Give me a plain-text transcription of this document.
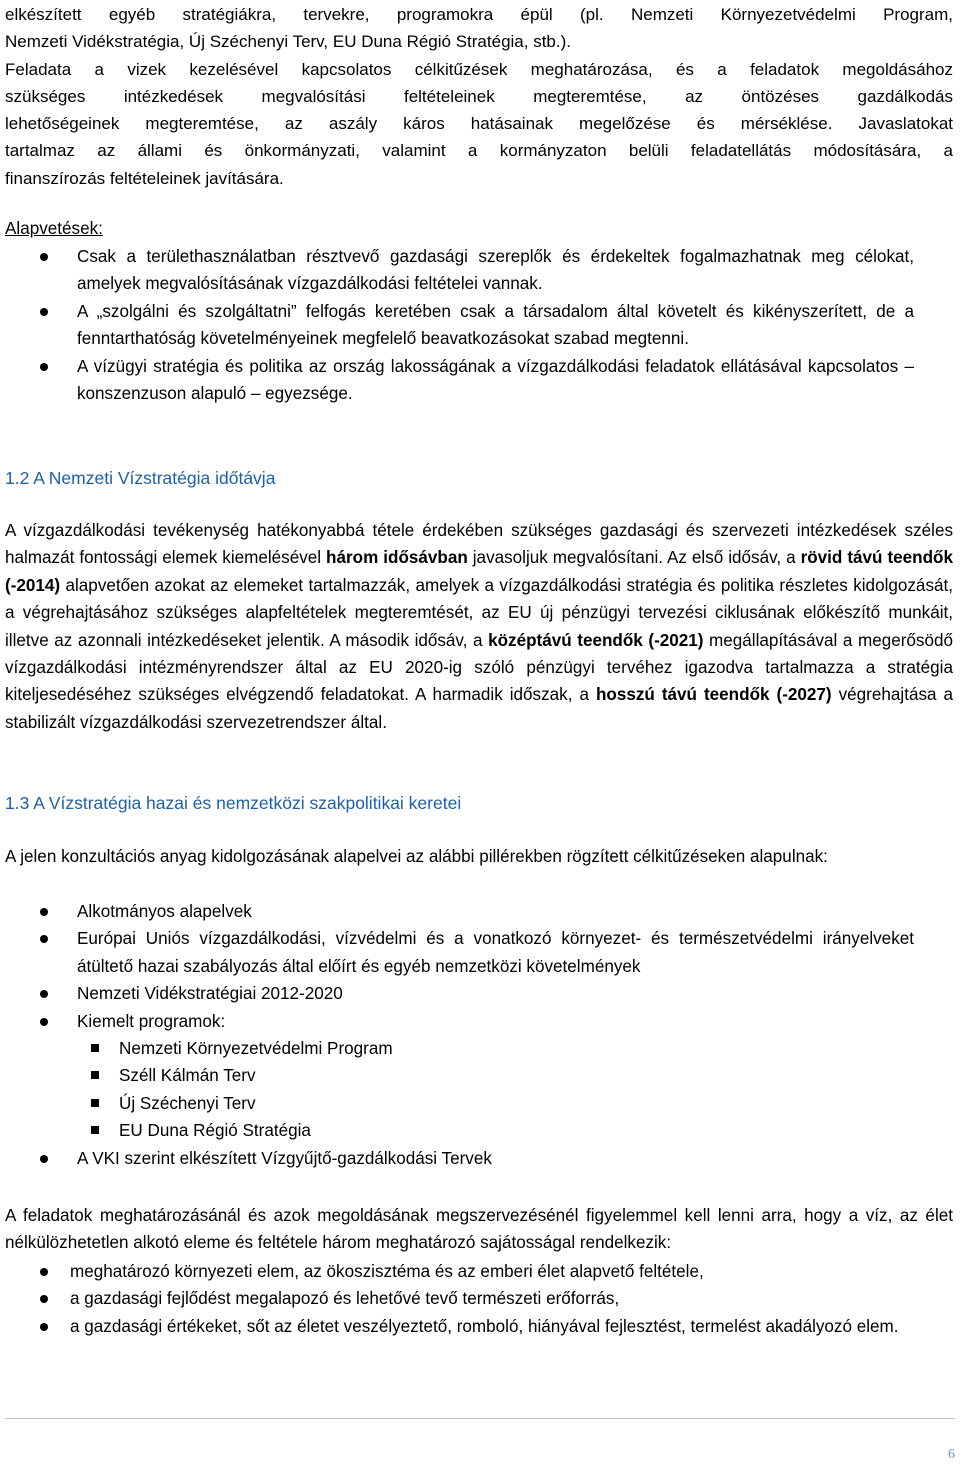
elkészített egyéb stratégiákra, tervekre, programokra épül (pl. Nemzeti Környezetvédelmi Program,
Nemzeti Vidékstratégia, Új Széchenyi Terv, EU Duna Régió Stratégia, stb.).
Feladata a vizek kezelésével kapcsolatos célkitűzések meghatározása, és a feladatok megoldásához
szükséges intézkedések megvalósítási feltételeinek megteremtése, az öntözéses gazdálkodás
lehetőségeinek megteremtése, az aszály káros hatásainak megelőzése és mérséklése. Javaslatokat
tartalmaz az állami és önkormányzati, valamint a kormányzaton belüli feladatellátás módosítására, a
finanszírozás feltételeinek javítására.

Alapvetések:

Csak a területhasználatban résztvevő gazdasági szereplők és érdekeltek fogalmazhatnak meg célokat, amelyek megvalósításának vízgazdálkodási feltételei vannak.
A „szolgálni és szolgáltatni” felfogás keretében csak a társadalom által követelt és kikényszerített, de a fenntarthatóság követelményeinek megfelelő beavatkozásokat szabad megtenni.
A vízügyi stratégia és politika az ország lakosságának a vízgazdálkodási feladatok ellátásával kapcsolatos – konszenzuson alapuló – egyezsége.
1.2 A Nemzeti Vízstratégia időtávja

A vízgazdálkodási tevékenység hatékonyabbá tétele érdekében szükséges gazdasági és szervezeti intézkedések széles halmazát fontossági elemek kiemelésével három idősávban javasoljuk megvalósítani. Az első idősáv, a rövid távú teendők (-2014) alapvetően azokat az elemeket tartalmazzák, amelyek a vízgazdálkodási stratégia és politika részletes kidolgozását, a végrehajtásához szükséges alapfeltételek megteremtését, az EU új pénzügyi tervezési ciklusának előkészítő munkáit, illetve az azonnali intézkedéseket jelentik. A második idősáv, a középtávú teendők (-2021) megállapításával a megerősödő vízgazdálkodási intézményrendszer által az EU 2020-ig szóló pénzügyi tervéhez igazodva tartalmazza a stratégia kiteljesedéséhez szükséges elvégzendő feladatokat. A harmadik időszak, a hosszú távú teendők (-2027) végrehajtása a stabilizált vízgazdálkodási szervezetrendszer által.

1.3 A Vízstratégia hazai és nemzetközi szakpolitikai keretei

A jelen konzultációs anyag kidolgozásának alapelvei az alábbi pillérekben rögzített célkitűzéseken alapulnak:

Alkotmányos alapelvek
Európai Uniós vízgazdálkodási, vízvédelmi és a vonatkozó környezet- és természetvédelmi irányelveket átültető hazai szabályozás által előírt és egyéb nemzetközi követelmények
Nemzeti Vidékstratégiai 2012-2020
Kiemelt programok:
Nemzeti Környezetvédelmi Program
Széll Kálmán Terv
Új Széchenyi Terv
EU Duna Régió Stratégia
A VKI szerint elkészített Vízgyűjtő-gazdálkodási Tervek

A feladatok meghatározásánál és azok megoldásának megszervezésénél figyelemmel kell lenni arra, hogy a víz, az élet nélkülözhetetlen alkotó eleme és feltétele három meghatározó sajátosságal rendelkezik:

meghatározó környezeti elem, az ökoszisztéma és az emberi élet alapvető feltétele,
a gazdasági fejlődést megalapozó és lehetővé tevő természeti erőforrás,
a gazdasági értékeket, sőt az életet veszélyeztető, romboló, hiányával fejlesztést, termelést akadályozó elem.
6
